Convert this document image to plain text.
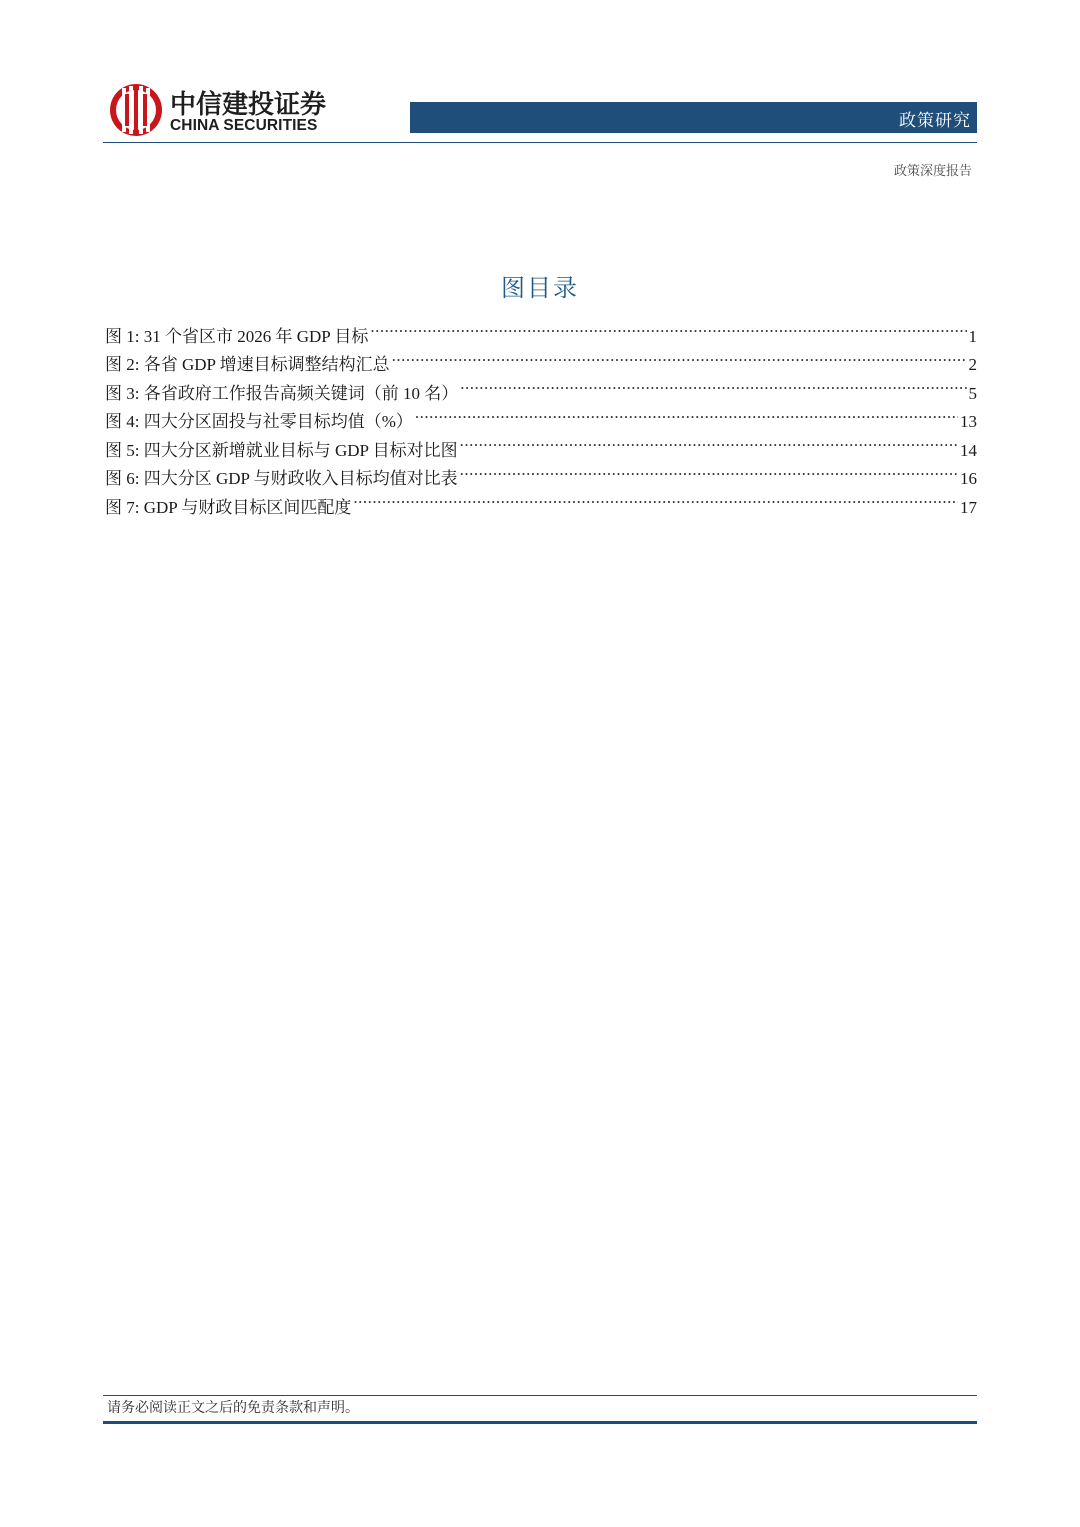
中信建投证券
CHINA SECURITIES	政策研究
政策深度报告
图目录
图 1: 31 个省区市 2026 年 GDP 目标 .....	1
图 2: 各省 GDP 增速目标调整结构汇总 .....	2
图 3: 各省政府工作报告高频关键词（前 10 名） .....	5
图 4: 四大分区固投与社零目标均值（%） .....	13
图 5: 四大分区新增就业目标与 GDP 目标对比图 .....	14
图 6: 四大分区 GDP 与财政收入目标均值对比表 .....	16
图 7: GDP 与财政目标区间匹配度 .....	17
请务必阅读正文之后的免责条款和声明。
